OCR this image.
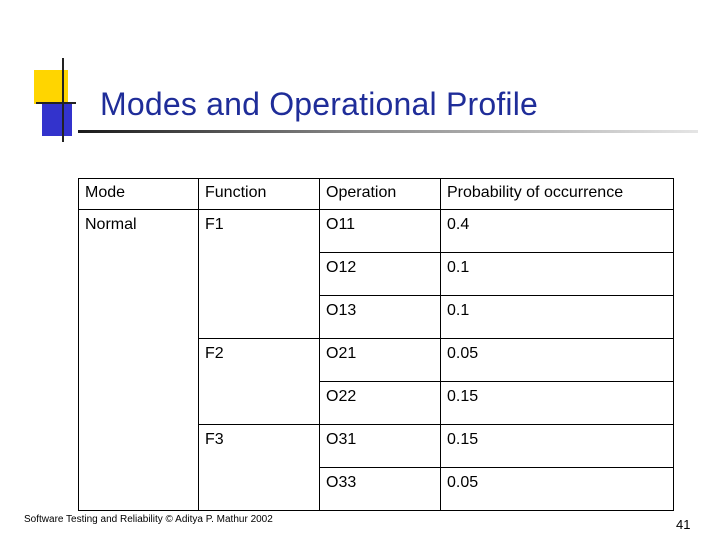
Modes and Operational Profile
Mode	Function	Operation	Probability of occurrence
Normal	F1	O11	0.4
		O12	0.1
		O13	0.1
	F2	O21	0.05
		O22	0.15
	F3	O31	0.15
		O33	0.05
Software Testing and Reliability © Aditya P. Mathur 2002	41
